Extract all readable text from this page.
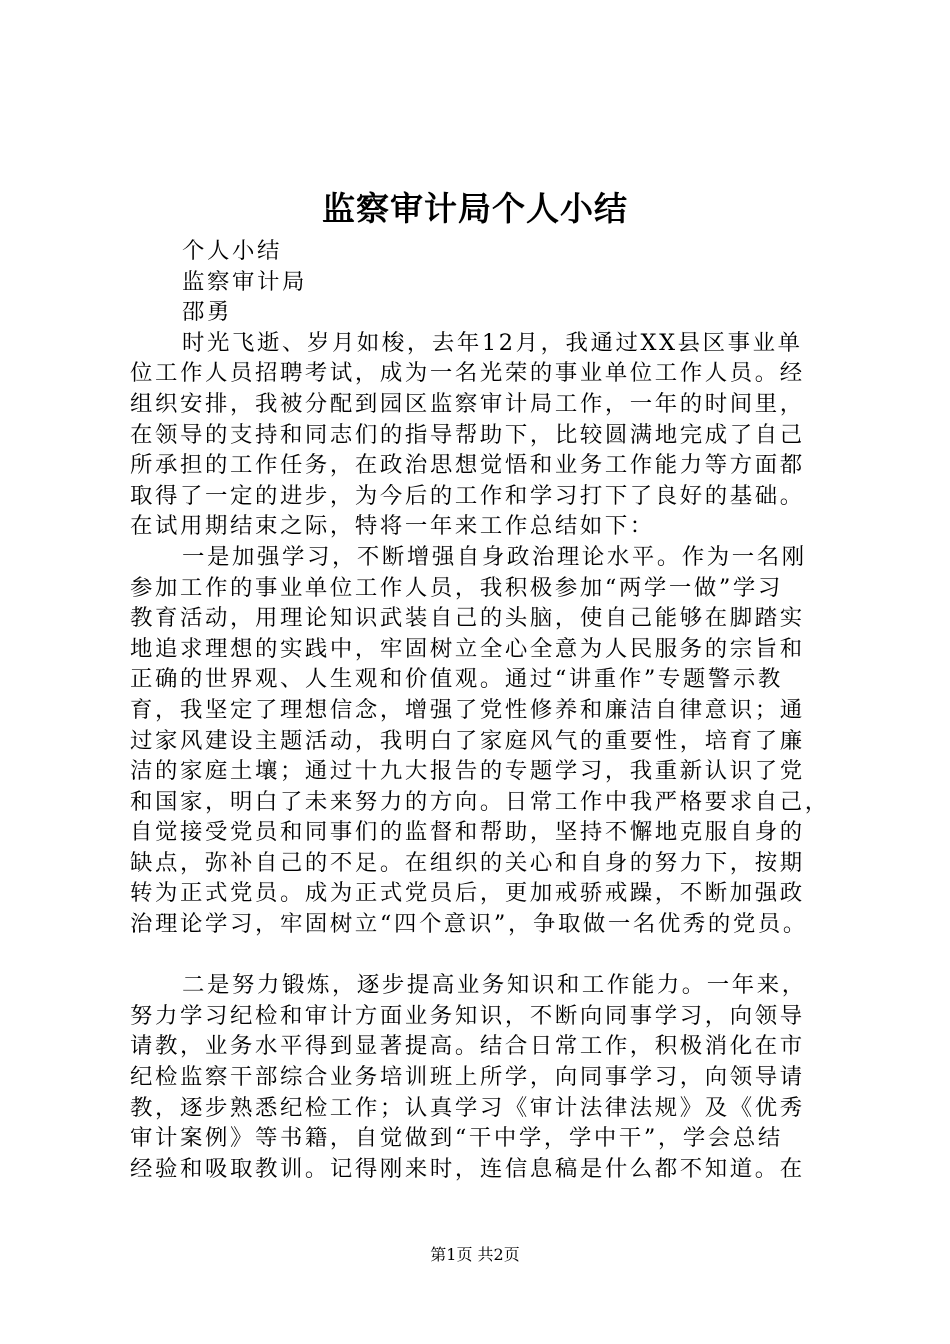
监察审计局个人小结
个人小结
监察审计局
邵勇
时光飞逝、岁月如梭，去年12月，我通过XX县区事业单
位工作人员招聘考试，成为一名光荣的事业单位工作人员。经
组织安排，我被分配到园区监察审计局工作，一年的时间里，
在领导的支持和同志们的指导帮助下，比较圆满地完成了自己
所承担的工作任务，在政治思想觉悟和业务工作能力等方面都
取得了一定的进步，为今后的工作和学习打下了良好的基础。
在试用期结束之际，特将一年来工作总结如下：
一是加强学习，不断增强自身政治理论水平。作为一名刚
参加工作的事业单位工作人员，我积极参加“两学一做”学习
教育活动，用理论知识武装自己的头脑，使自己能够在脚踏实
地追求理想的实践中，牢固树立全心全意为人民服务的宗旨和
正确的世界观、人生观和价值观。通过“讲重作”专题警示教
育，我坚定了理想信念，增强了党性修养和廉洁自律意识；通
过家风建设主题活动，我明白了家庭风气的重要性，培育了廉
洁的家庭土壤；通过十九大报告的专题学习，我重新认识了党
和国家，明白了未来努力的方向。日常工作中我严格要求自己，
自觉接受党员和同事们的监督和帮助，坚持不懈地克服自身的
缺点，弥补自己的不足。在组织的关心和自身的努力下，按期
转为正式党员。成为正式党员后，更加戒骄戒躁，不断加强政
治理论学习，牢固树立“四个意识”，争取做一名优秀的党员。
二是努力锻炼，逐步提高业务知识和工作能力。一年来，
努力学习纪检和审计方面业务知识，不断向同事学习，向领导
请教，业务水平得到显著提高。结合日常工作，积极消化在市
纪检监察干部综合业务培训班上所学，向同事学习，向领导请
教，逐步熟悉纪检工作；认真学习《审计法律法规》及《优秀
审计案例》等书籍，自觉做到“干中学，学中干”，学会总结
经验和吸取教训。记得刚来时，连信息稿是什么都不知道。在
第1页 共2页
